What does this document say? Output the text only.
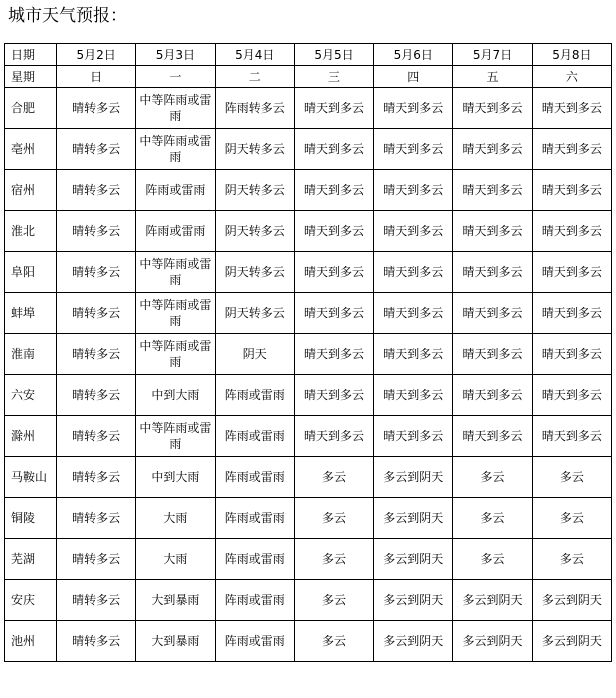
城市天气预报：
日期	5月2日	5月3日	5月4日	5月5日	5月6日	5月7日	5月8日
星期	日	一	二	三	四	五	六
合肥	晴转多云	中等阵雨或雷雨	阵雨转多云	晴天到多云	晴天到多云	晴天到多云	晴天到多云
亳州	晴转多云	中等阵雨或雷雨	阴天转多云	晴天到多云	晴天到多云	晴天到多云	晴天到多云
宿州	晴转多云	阵雨或雷雨	阴天转多云	晴天到多云	晴天到多云	晴天到多云	晴天到多云
淮北	晴转多云	阵雨或雷雨	阴天转多云	晴天到多云	晴天到多云	晴天到多云	晴天到多云
阜阳	晴转多云	中等阵雨或雷雨	阴天转多云	晴天到多云	晴天到多云	晴天到多云	晴天到多云
蚌埠	晴转多云	中等阵雨或雷雨	阴天转多云	晴天到多云	晴天到多云	晴天到多云	晴天到多云
淮南	晴转多云	中等阵雨或雷雨	阴天	晴天到多云	晴天到多云	晴天到多云	晴天到多云
六安	晴转多云	中到大雨	阵雨或雷雨	晴天到多云	晴天到多云	晴天到多云	晴天到多云
滁州	晴转多云	中等阵雨或雷雨	阵雨或雷雨	晴天到多云	晴天到多云	晴天到多云	晴天到多云
马鞍山	晴转多云	中到大雨	阵雨或雷雨	多云	多云到阴天	多云	多云
铜陵	晴转多云	大雨	阵雨或雷雨	多云	多云到阴天	多云	多云
芜湖	晴转多云	大雨	阵雨或雷雨	多云	多云到阴天	多云	多云
安庆	晴转多云	大到暴雨	阵雨或雷雨	多云	多云到阴天	多云到阴天	多云到阴天
池州	晴转多云	大到暴雨	阵雨或雷雨	多云	多云到阴天	多云到阴天	多云到阴天
